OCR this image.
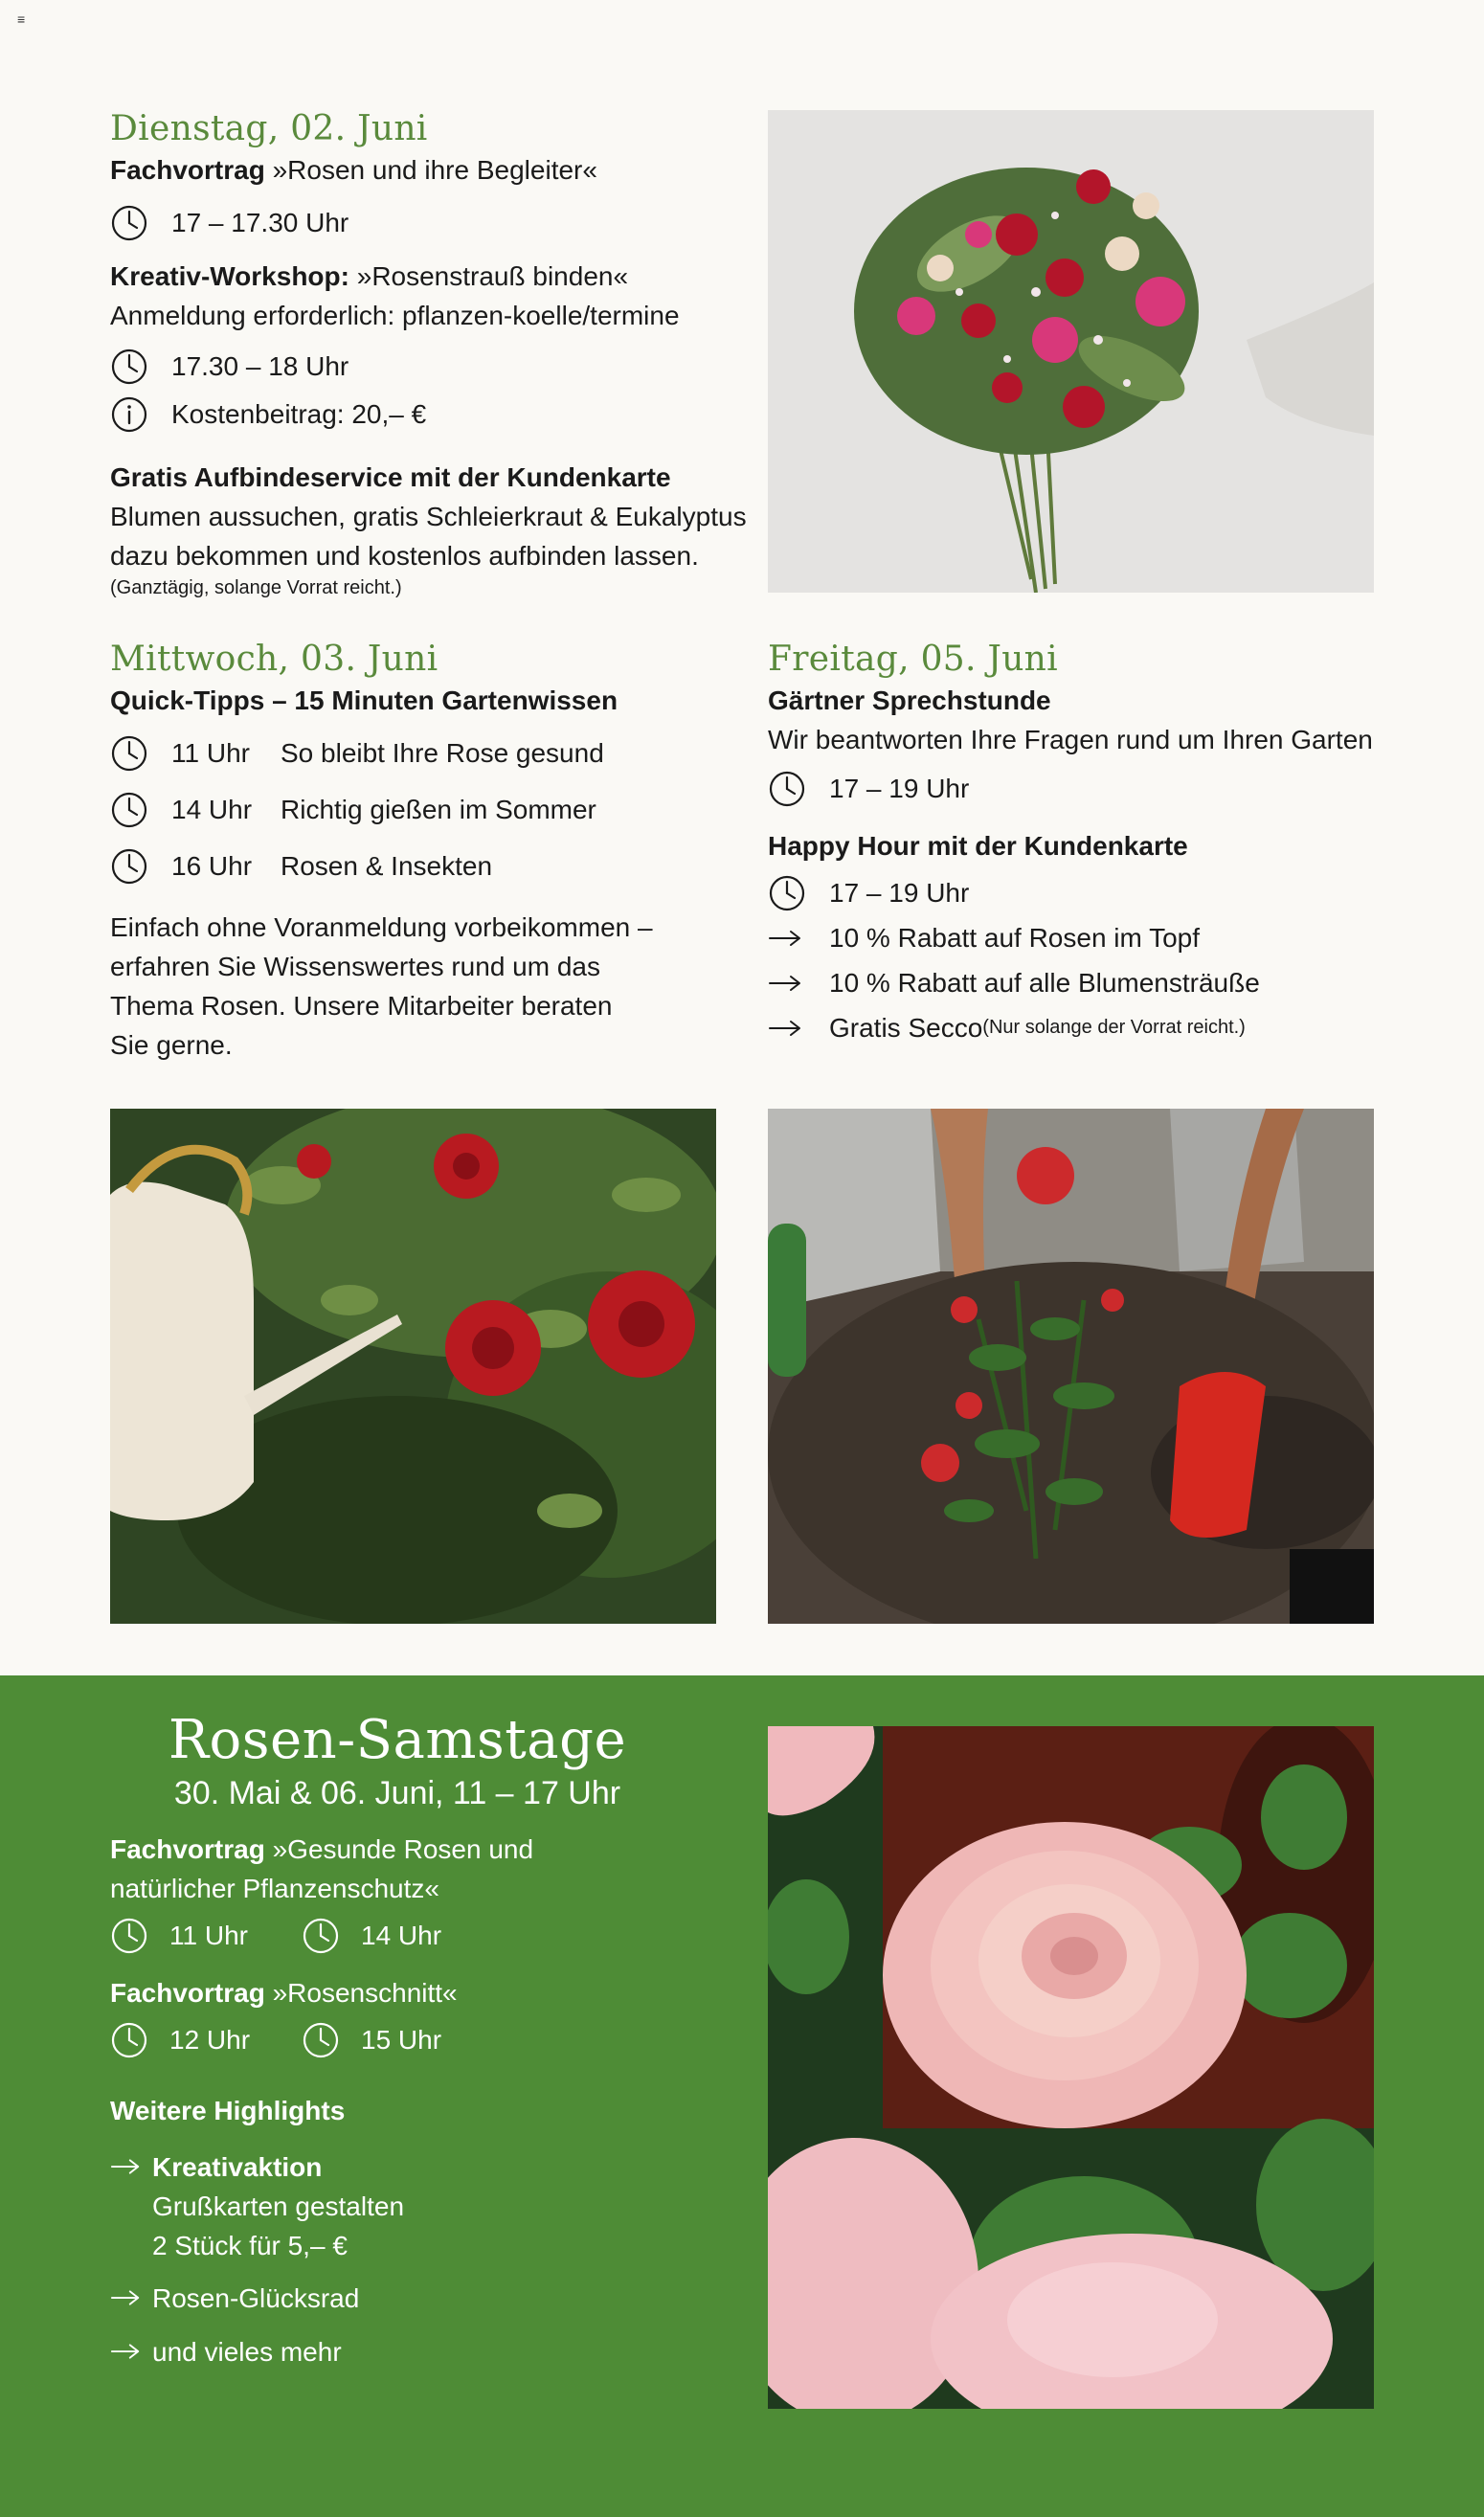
≡
Dienstag, 02. Juni
Fachvortrag »Rosen und ihre Begleiter«
17 – 17.30 Uhr
Kreativ-Workshop: »Rosenstrauß binden«
Anmeldung erforderlich: pflanzen-koelle/termine
17.30 – 18 Uhr
Kostenbeitrag: 20,– €
Gratis Aufbindeservice mit der Kundenkarte
Blumen aussuchen, gratis Schleierkraut & Eukalyptus
dazu bekommen und kostenlos aufbinden lassen.
(Ganztägig, solange Vorrat reicht.)
Mittwoch, 03. Juni
Quick-Tipps – 15 Minuten Gartenwissen
11 Uhr	So bleibt Ihre Rose gesund
14 Uhr	Richtig gießen im Sommer
16 Uhr	Rosen & Insekten
Einfach ohne Voranmeldung vorbeikommen –
erfahren Sie Wissenswertes rund um das
Thema Rosen. Unsere Mitarbeiter beraten
Sie gerne.
Freitag, 05. Juni
Gärtner Sprechstunde
Wir beantworten Ihre Fragen rund um Ihren Garten
17 – 19 Uhr
Happy Hour mit der Kundenkarte
17 – 19 Uhr
10 % Rabatt auf Rosen im Topf
10 % Rabatt auf alle Blumensträuße
Gratis Secco (Nur solange der Vorrat reicht.)
Rosen-Samstage
30. Mai & 06. Juni, 11 – 17 Uhr
Fachvortrag »Gesunde Rosen und
natürlicher Pflanzenschutz«
11 Uhr	14 Uhr
Fachvortrag »Rosenschnitt«
12 Uhr	15 Uhr
Weitere Highlights
Kreativaktion
Grußkarten gestalten
2 Stück für 5,– €
Rosen-Glücksrad
und vieles mehr
